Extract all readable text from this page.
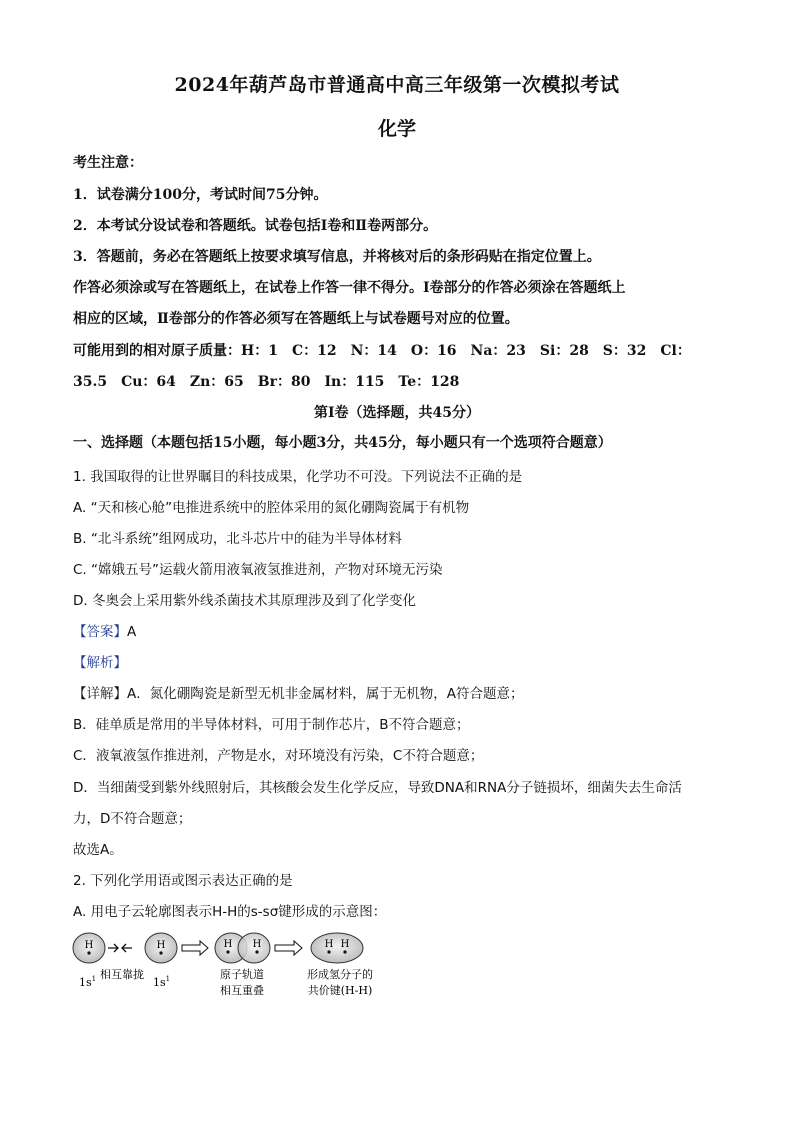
2024年葫芦岛市普通高中高三年级第一次模拟考试
化学
考生注意：
1．试卷满分100分，考试时间75分钟。
2．本考试分设试卷和答题纸。试卷包括Ⅰ卷和Ⅱ卷两部分。
3．答题前，务必在答题纸上按要求填写信息，并将核对后的条形码贴在指定位置上。
作答必须涂或写在答题纸上，在试卷上作答一律不得分。Ⅰ卷部分的作答必须涂在答题纸上
相应的区域，Ⅱ卷部分的作答必须写在答题纸上与试卷题号对应的位置。
可能用到的相对原子质量：H：1　C：12　N：14　O：16　Na：23　Si：28　S：32　Cl：
35.5　Cu：64　Zn：65　Br：80　In：115　Te：128
第Ⅰ卷（选择题，共45分）
一、选择题（本题包括15小题，每小题3分，共45分，每小题只有一个选项符合题意）
1. 我国取得的让世界瞩目的科技成果，化学功不可没。下列说法不正确的是
A. “天和核心舱”电推进系统中的腔体采用的氮化硼陶瓷属于有机物
B. “北斗系统”组网成功，北斗芯片中的硅为半导体材料
C. “嫦娥五号”运载火箭用液氧液氢推进剂，产物对环境无污染
D. 冬奥会上采用紫外线杀菌技术其原理涉及到了化学变化
【答案】A
【解析】
【详解】A．氮化硼陶瓷是新型无机非金属材料，属于无机物，A符合题意；
B．硅单质是常用的半导体材料，可用于制作芯片，B不符合题意；
C．液氧液氢作推进剂，产物是水，对环境没有污染，C不符合题意；
D．当细菌受到紫外线照射后，其核酸会发生化学反应，导致DNA和RNA分子链损坏，细菌失去生命活
力，D不符合题意；
故选A。
2. 下列化学用语或图示表达正确的是
A. 用电子云轮廓图表示H-H的s-sσ键形成的示意图：
H	H	H H	H H
$1s^1$ 相互靠拢
$1s^1$	原子轨道
相互重叠
形成氢分子的
共价键(H-H)
